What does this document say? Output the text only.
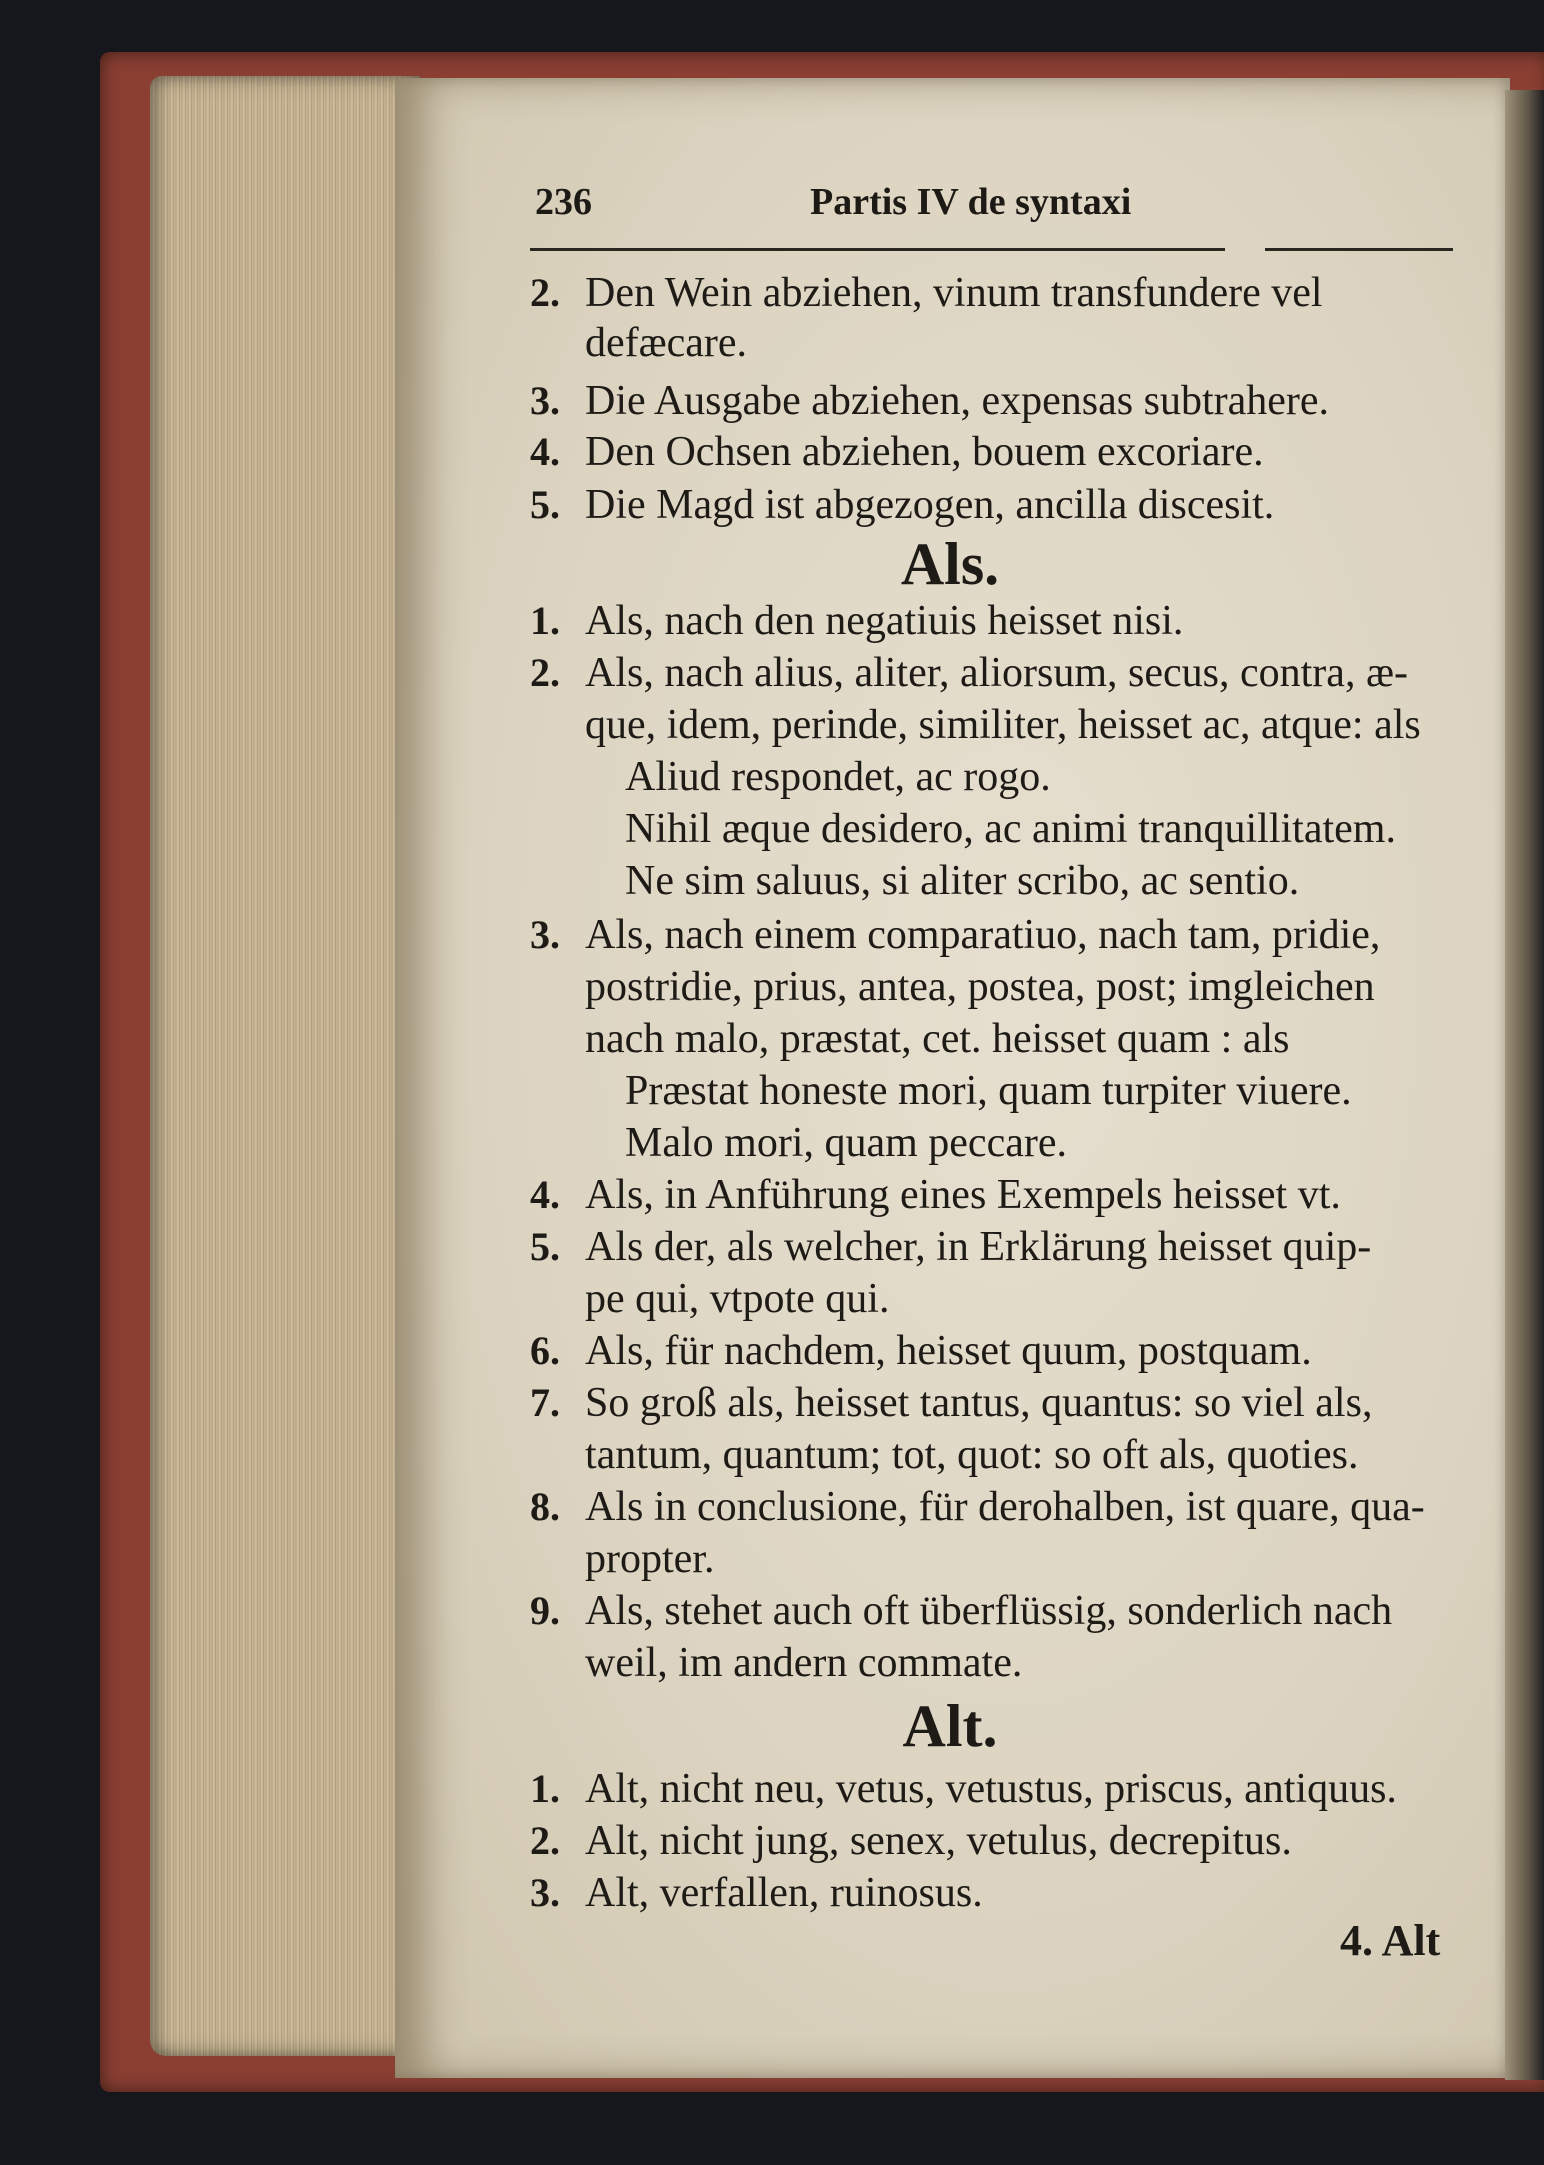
236	Partis IV de syntaxi
2. Den Wein abziehen, vinum transfundere vel
defæcare.
3. Die Ausgabe abziehen, expensas subtrahere.
4. Den Ochsen abziehen, bouem excoriare.
5. Die Magd ist abgezogen, ancilla discesit.
Als.
1. Als, nach den negatiuis heisset nisi.
2. Als, nach alius, aliter, aliorsum, secus, contra, æ-
que, idem, perinde, similiter, heisset ac, atque: als
Aliud respondet, ac rogo.
Nihil æque desidero, ac animi tranquillitatem.
Ne sim saluus, si aliter scribo, ac sentio.
3. Als, nach einem comparatiuo, nach tam, pridie,
postridie, prius, antea, postea, post; imgleichen
nach malo, præstat, cet. heisset quam : als
Præstat honeste mori, quam turpiter viuere.
Malo mori, quam peccare.
4. Als, in Anführung eines Exempels heisset vt.
5. Als der, als welcher, in Erklärung heisset quip-
pe qui, vtpote qui.
6. Als, für nachdem, heisset quum, postquam.
7. So groß als, heisset tantus, quantus: so viel als,
tantum, quantum; tot, quot: so oft als, quoties.
8. Als in conclusione, für derohalben, ist quare, qua-
propter.
9. Als, stehet auch oft überflüssig, sonderlich nach
weil, im andern commate.
Alt.
1. Alt, nicht neu, vetus, vetustus, priscus, antiquus.
2. Alt, nicht jung, senex, vetulus, decrepitus.
3. Alt, verfallen, ruinosus.
4. Alt
